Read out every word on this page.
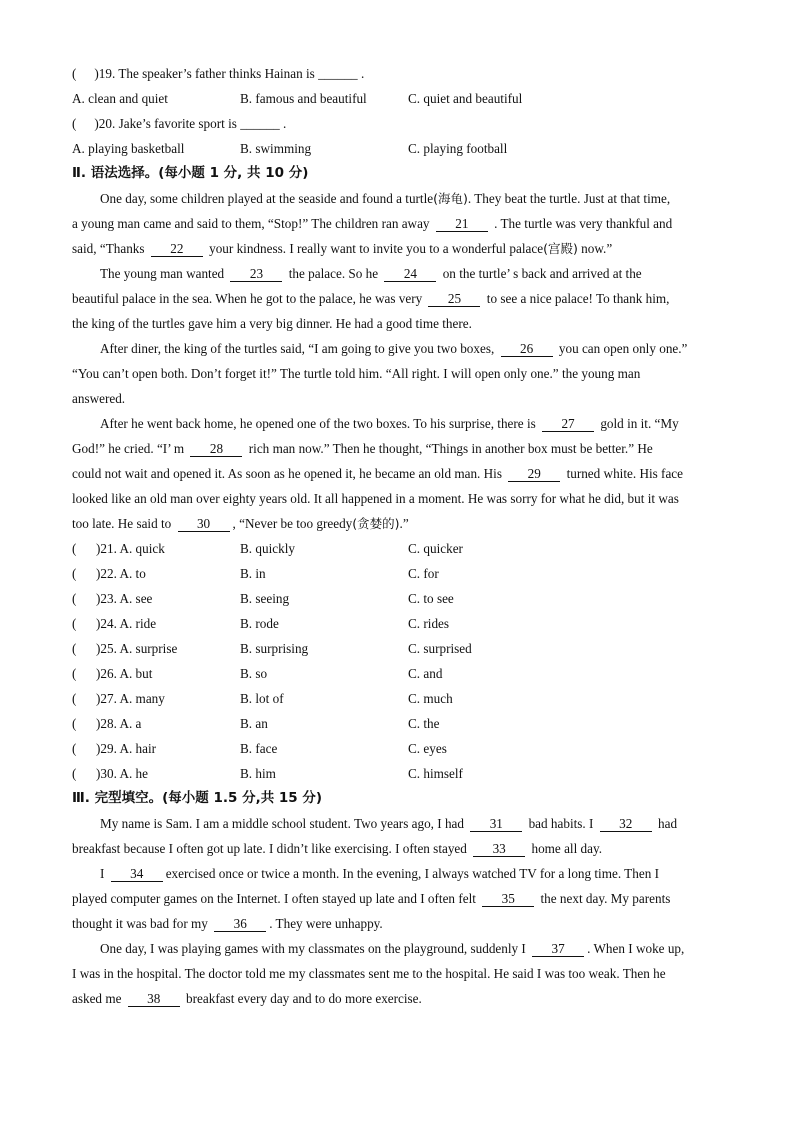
( )19. The speaker’s father thinks Hainan is ______ .
A. clean and quiet	B. famous and beautiful	C. quiet and beautiful
( )20. Jake’s favorite sport is ______ .
A. playing basketball	B. swimming	C. playing football
Ⅱ. 语法选择。(每小题 1 分, 共 10 分)
One day, some children played at the seaside and found a turtle(海龟). They beat the turtle. Just at that time,
a young man came and said to them, “Stop!” The children ran away 21 . The turtle was very thankful and
said, “Thanks 22 your kindness. I really want to invite you to a wonderful palace(宫殿) now.”
The young man wanted 23 the palace. So he 24 on the turtle’ s back and arrived at the
beautiful palace in the sea. When he got to the palace, he was very 25 to see a nice palace! To thank him,
the king of the turtles gave him a very big dinner. He had a good time there.
After diner, the king of the turtles said, “I am going to give you two boxes, 26 you can open only one.”
“You can’t open both. Don’t forget it!” The turtle told him. “All right. I will open only one.” the young man
answered.
After he went back home, he opened one of the two boxes. To his surprise, there is 27 gold in it. “My
God!” he cried. “I’ m 28 rich man now.” Then he thought, “Things in another box must be better.” He
could not wait and opened it. As soon as he opened it, he became an old man. His 29 turned white. His face
looked like an old man over eighty years old. It all happened in a moment. He was sorry for what he did, but it was
too late. He said to 30 , “Never be too greedy(贪婪的).”
( )21. A. quick	B. quickly	C. quicker
( )22. A. to	B. in	C. for
( )23. A. see	B. seeing	C. to see
( )24. A. ride	B. rode	C. rides
( )25. A. surprise	B. surprising	C. surprised
( )26. A. but	B. so	C. and
( )27. A. many	B. lot of	C. much
( )28. A. a	B. an	C. the
( )29. A. hair	B. face	C. eyes
( )30. A. he	B. him	C. himself
Ⅲ. 完型填空。(每小题 1.5 分,共 15 分)
My name is Sam. I am a middle school student. Two years ago, I had 31 bad habits. I 32 had
breakfast because I often got up late. I didn’t like exercising. I often stayed 33 home all day.
I 34 exercised once or twice a month. In the evening, I always watched TV for a long time. Then I
played computer games on the Internet. I often stayed up late and I often felt 35 the next day. My parents
thought it was bad for my 36 . They were unhappy.
One day, I was playing games with my classmates on the playground, suddenly I 37 . When I woke up,
I was in the hospital. The doctor told me my classmates sent me to the hospital. He said I was too weak. Then he
asked me 38 breakfast every day and to do more exercise.
